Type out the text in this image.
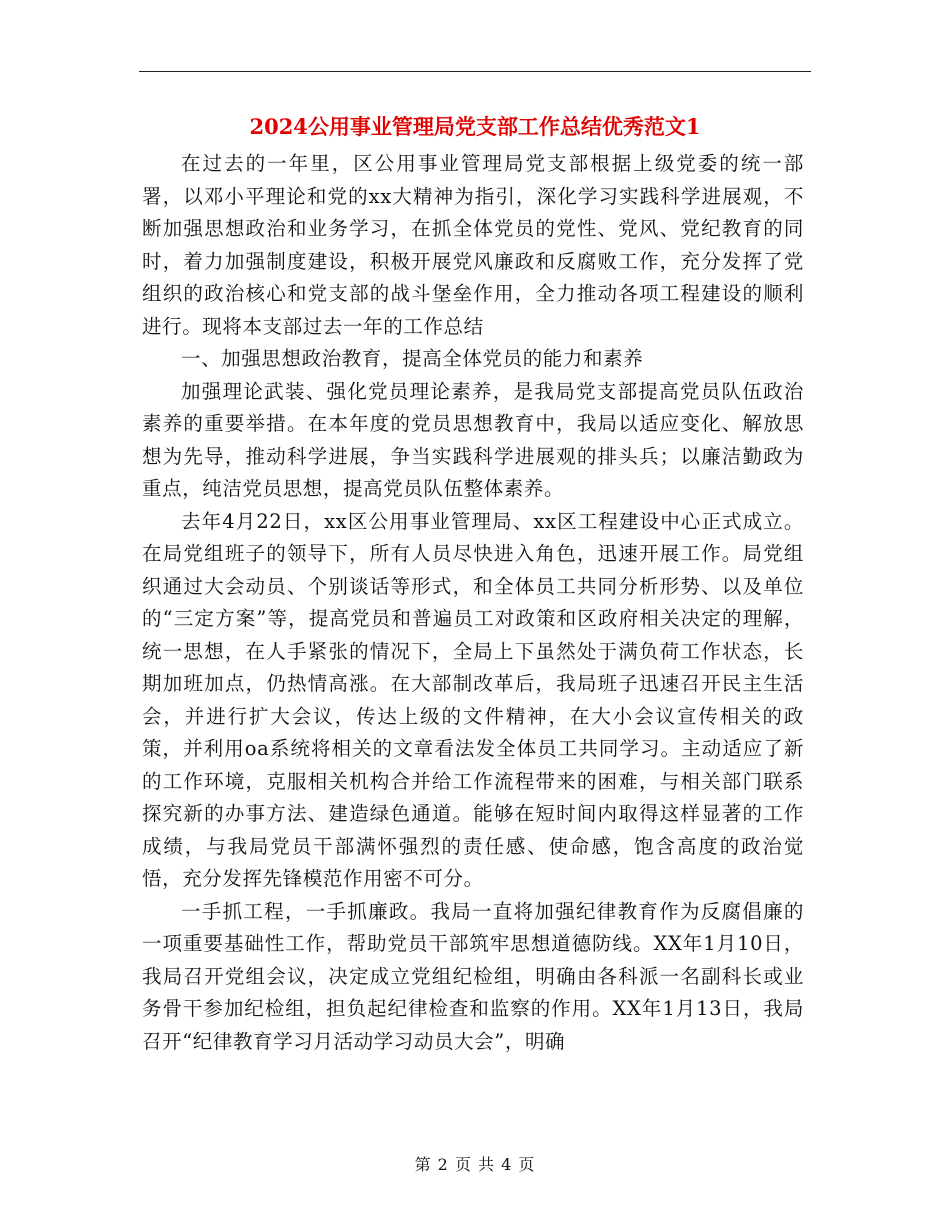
2024公用事业管理局党支部工作总结优秀范文1

在过去的一年里，区公用事业管理局党支部根据上级党委的统一部署，以邓小平理论和党的xx大精神为指引，深化学习实践科学进展观，不断加强思想政治和业务学习，在抓全体党员的党性、党风、党纪教育的同时，着力加强制度建设，积极开展党风廉政和反腐败工作，充分发挥了党组织的政治核心和党支部的战斗堡垒作用，全力推动各项工程建设的顺利进行。现将本支部过去一年的工作总结

一、加强思想政治教育，提高全体党员的能力和素养

加强理论武装、强化党员理论素养，是我局党支部提高党员队伍政治素养的重要举措。在本年度的党员思想教育中，我局以适应变化、解放思想为先导，推动科学进展，争当实践科学进展观的排头兵；以廉洁勤政为重点，纯洁党员思想，提高党员队伍整体素养。

去年4月22日，xx区公用事业管理局、xx区工程建设中心正式成立。在局党组班子的领导下，所有人员尽快进入角色，迅速开展工作。局党组织通过大会动员、个别谈话等形式，和全体员工共同分析形势、以及单位的“三定方案”等，提高党员和普遍员工对政策和区政府相关决定的理解，统一思想，在人手紧张的情况下，全局上下虽然处于满负荷工作状态，长期加班加点，仍热情高涨。在大部制改革后，我局班子迅速召开民主生活会，并进行扩大会议，传达上级的文件精神，在大小会议宣传相关的政策，并利用oa系统将相关的文章看法发全体员工共同学习。主动适应了新的工作环境，克服相关机构合并给工作流程带来的困难，与相关部门联系探究新的办事方法、建造绿色通道。能够在短时间内取得这样显著的工作成绩，与我局党员干部满怀强烈的责任感、使命感，饱含高度的政治觉悟，充分发挥先锋模范作用密不可分。

一手抓工程，一手抓廉政。我局一直将加强纪律教育作为反腐倡廉的一项重要基础性工作，帮助党员干部筑牢思想道德防线。XX年1月10日，我局召开党组会议，决定成立党组纪检组，明确由各科派一名副科长或业务骨干参加纪检组，担负起纪律检查和监察的作用。XX年1月13日，我局召开“纪律教育学习月活动学习动员大会”，明确

第 2 页 共 4 页
